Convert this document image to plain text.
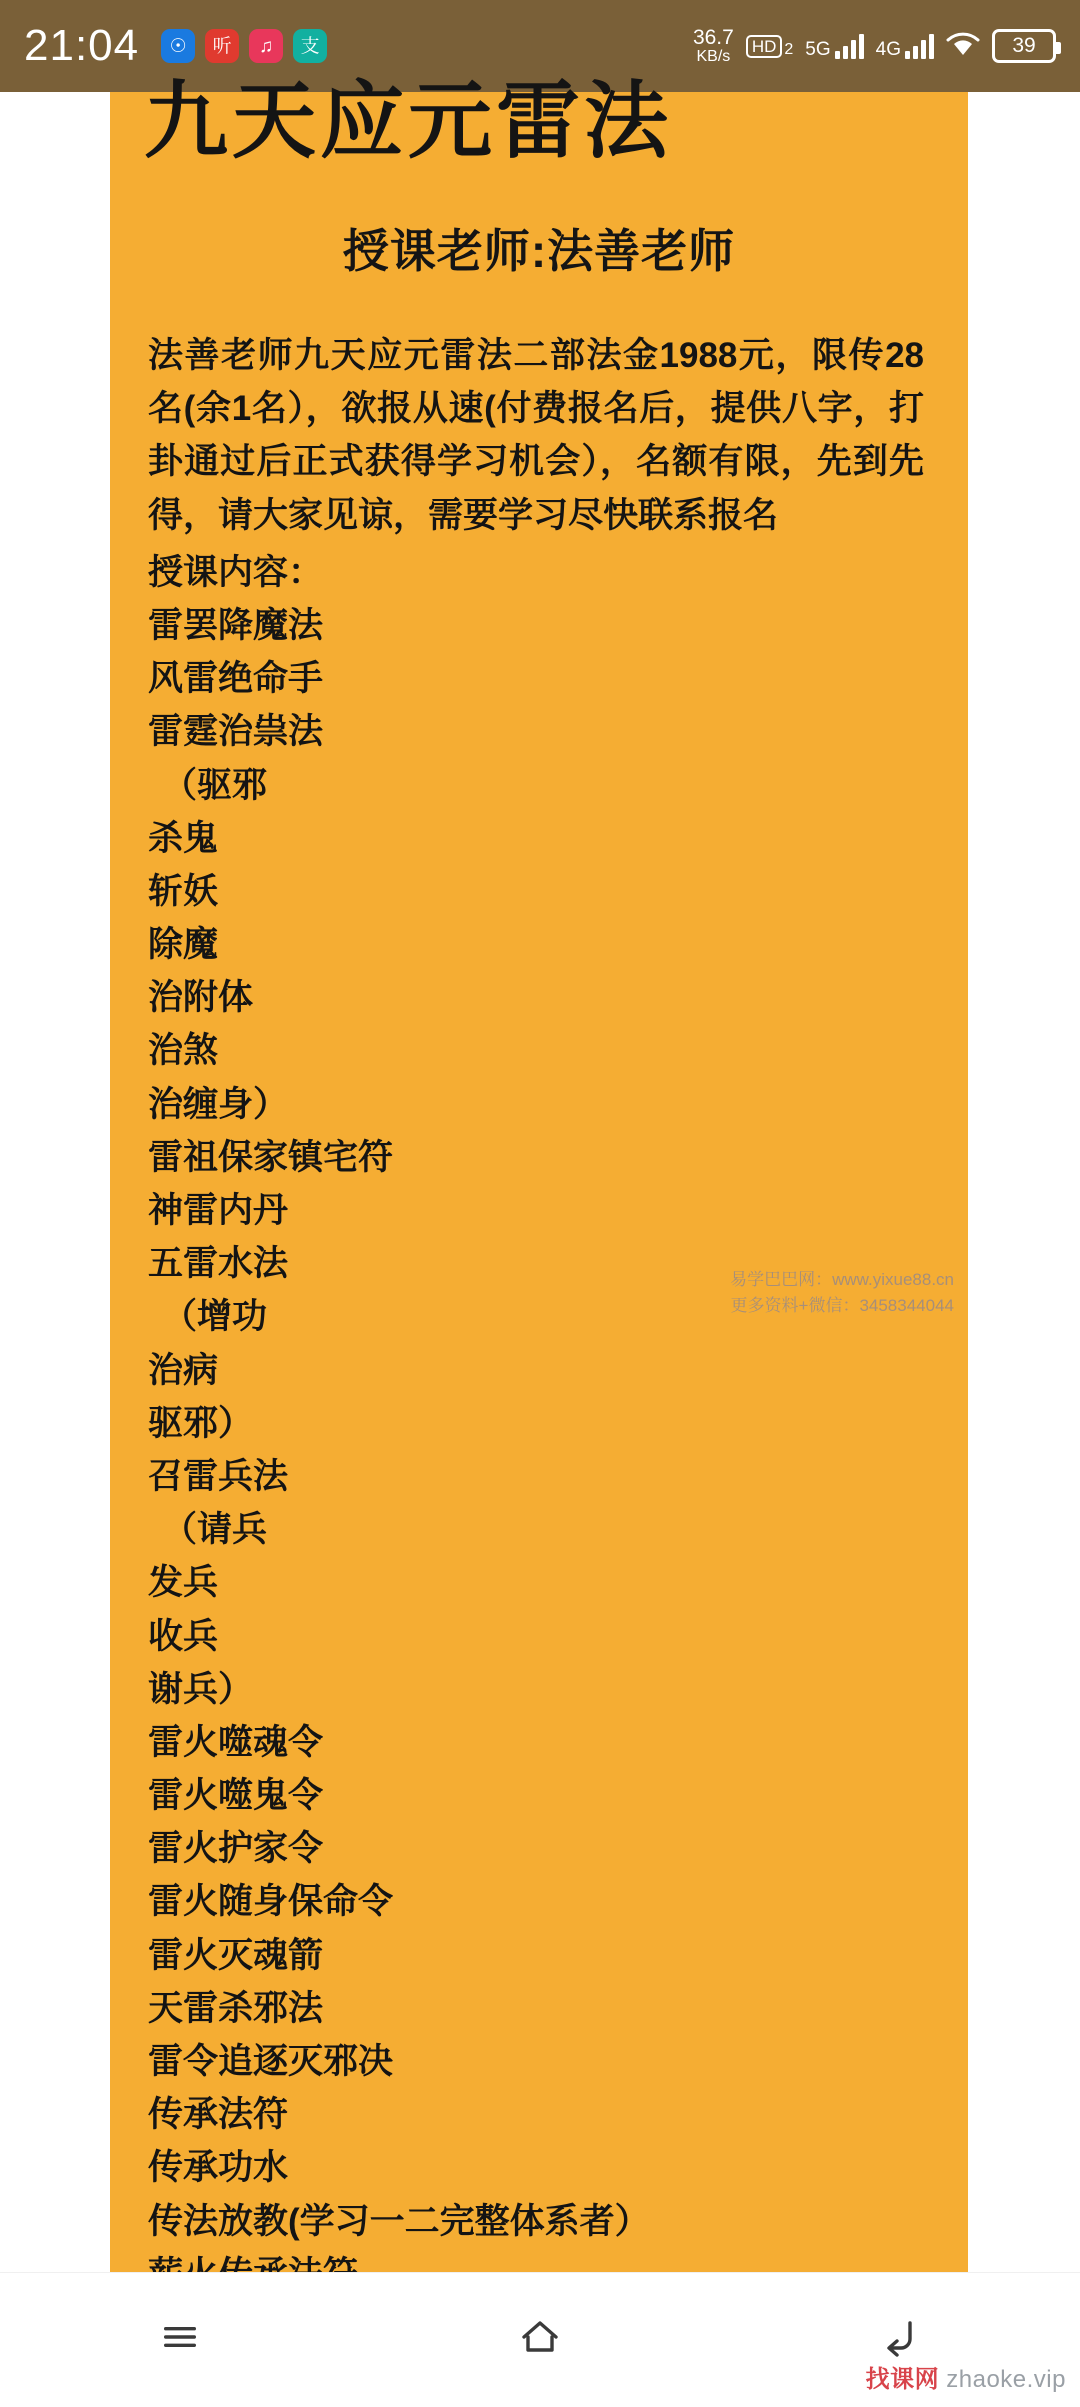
21:04 ☉ 听 ♫ 支	36.7
KB/s
HD 2 5G 4G	39
九天应元雷法
授课老师:法善老师

法善老师九天应元雷法二部法金1988元，限传28名(余1名），欲报从速(付费报名后，提供八字，打卦通过后正式获得学习机会），名额有限，先到先得，请大家见谅，需要学习尽快联系报名

授课内容：

雷罢降魔法
风雷绝命手
雷霆治祟法
（驱邪
杀鬼
斩妖
除魔
治附体
治煞
治缠身）
雷祖保家镇宅符
神雷内丹
五雷水法
（增功
治病
驱邪）
召雷兵法
（请兵
发兵
收兵
谢兵）
雷火噬魂令
雷火噬鬼令
雷火护家令
雷火随身保命令
雷火灭魂箭
天雷杀邪法
雷令追逐灭邪决
传承法符
传承功水
传法放教(学习一二完整体系者）
易学巴巴网：www.yixue88.cn
更多资料+微信：3458344044
找课网 zhaoke.vip
